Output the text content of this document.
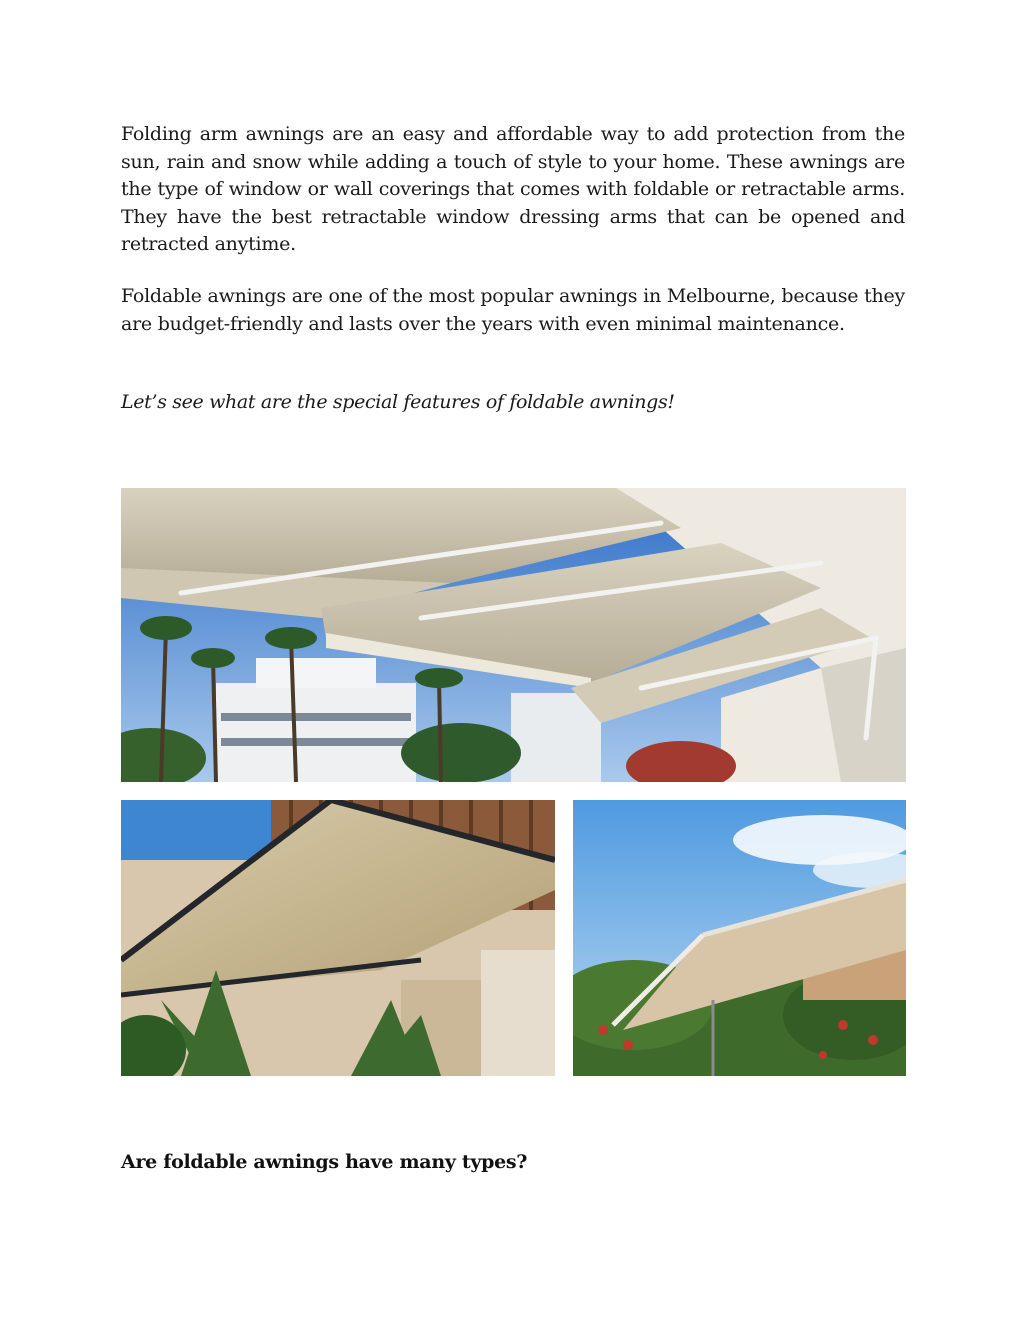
Folding arm awnings are an easy and affordable way to add protection from the sun, rain and snow while adding a touch of style to your home. These awnings are the type of window or wall coverings that comes with foldable or retractable arms. They have the best retractable window dressing arms that can be opened and retracted anytime.

Foldable awnings are one of the most popular awnings in Melbourne, because they are budget-friendly and lasts over the years with even minimal maintenance.

Let’s see what are the special features of foldable awnings!

Are foldable awnings have many types?
